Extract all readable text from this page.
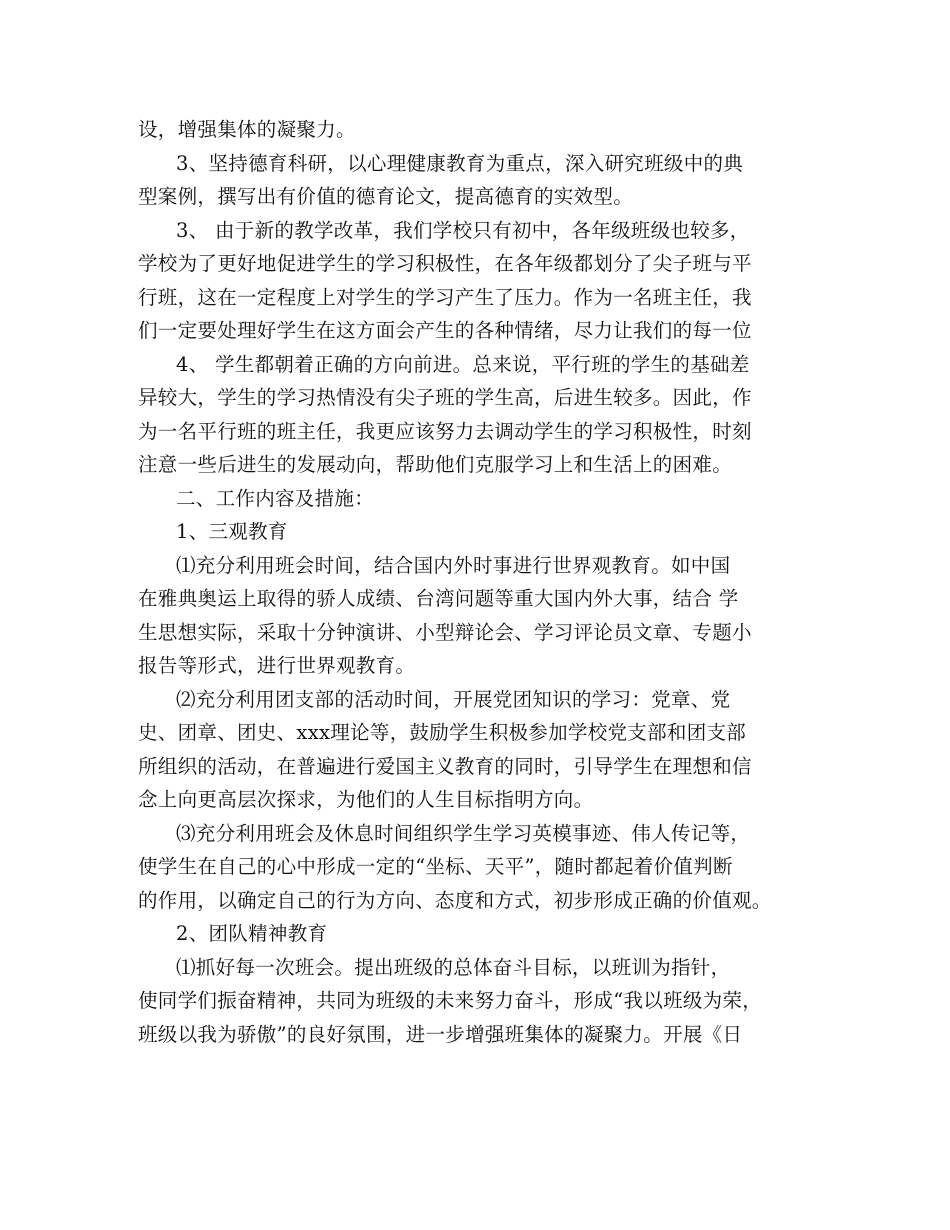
设，增强集体的凝聚力。
3、坚持德育科研，以心理健康教育为重点，深入研究班级中的典
型案例，撰写出有价值的德育论文，提高德育的实效型。
3、 由于新的教学改革，我们学校只有初中，各年级班级也较多，
学校为了更好地促进学生的学习积极性，在各年级都划分了尖子班与平
行班，这在一定程度上对学生的学习产生了压力。作为一名班主任，我
们一定要处理好学生在这方面会产生的各种情绪，尽力让我们的每一位
4、 学生都朝着正确的方向前进。总来说，平行班的学生的基础差
异较大，学生的学习热情没有尖子班的学生高，后进生较多。因此，作
为一名平行班的班主任，我更应该努力去调动学生的学习积极性，时刻
注意一些后进生的发展动向，帮助他们克服学习上和生活上的困难。
二、工作内容及措施：
1、三观教育
⑴充分利用班会时间，结合国内外时事进行世界观教育。如中国
在雅典奥运上取得的骄人成绩、台湾问题等重大国内外大事，结合 学
生思想实际，采取十分钟演讲、小型辩论会、学习评论员文章、专题小
报告等形式，进行世界观教育。
⑵充分利用团支部的活动时间，开展党团知识的学习：党章、党
史、团章、团史、xxx理论等，鼓励学生积极参加学校党支部和团支部
所组织的活动，在普遍进行爱国主义教育的同时，引导学生在理想和信
念上向更高层次探求，为他们的人生目标指明方向。
⑶充分利用班会及休息时间组织学生学习英模事迹、伟人传记等，
使学生在自己的心中形成一定的“坐标、天平”，随时都起着价值判断
的作用，以确定自己的行为方向、态度和方式，初步形成正确的价值观。
2、团队精神教育
⑴抓好每一次班会。提出班级的总体奋斗目标，以班训为指针，
使同学们振奋精神，共同为班级的未来努力奋斗，形成“我以班级为荣，
班级以我为骄傲”的良好氛围，进一步增强班集体的凝聚力。开展《日
